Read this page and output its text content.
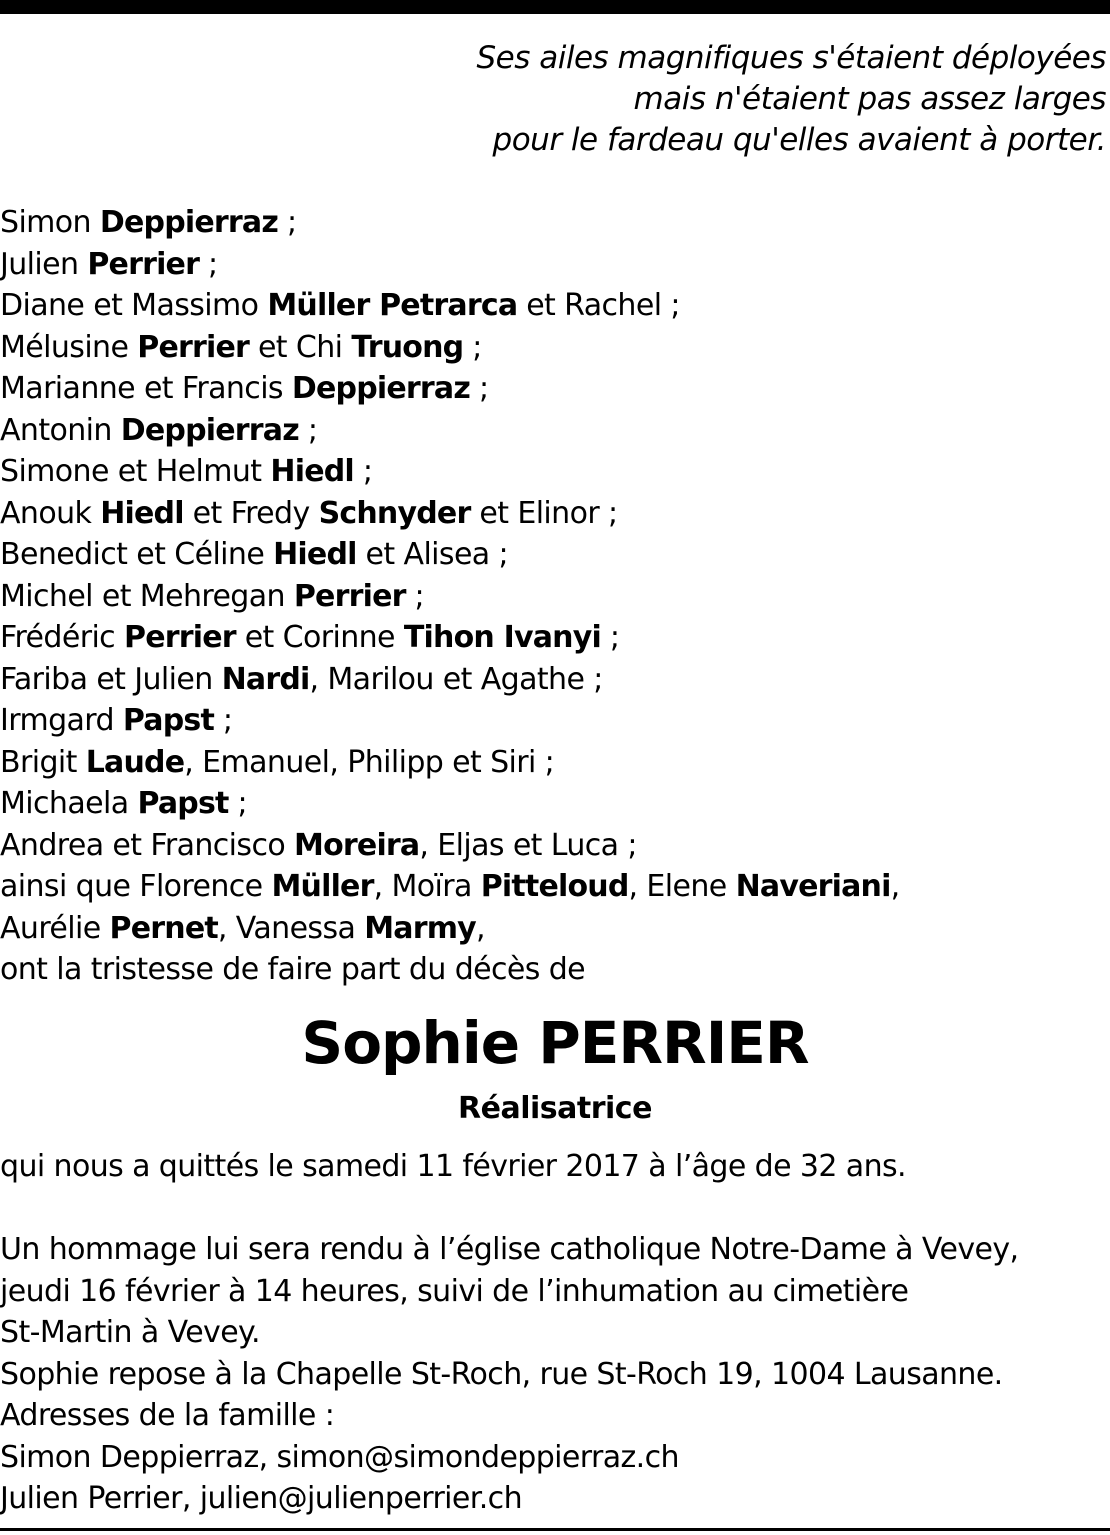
Ses ailes magnifiques s'étaient déployées
mais n'étaient pas assez larges
pour le fardeau qu'elles avaient à porter.
Simon Deppierraz ;
Julien Perrier ;
Diane et Massimo Müller Petrarca et Rachel ;
Mélusine Perrier et Chi Truong ;
Marianne et Francis Deppierraz ;
Antonin Deppierraz ;
Simone et Helmut Hiedl ;
Anouk Hiedl et Fredy Schnyder et Elinor ;
Benedict et Céline Hiedl et Alisea ;
Michel et Mehregan Perrier ;
Frédéric Perrier et Corinne Tihon Ivanyi ;
Fariba et Julien Nardi, Marilou et Agathe ;
Irmgard Papst ;
Brigit Laude, Emanuel, Philipp et Siri ;
Michaela Papst ;
Andrea et Francisco Moreira, Eljas et Luca ;
ainsi que Florence Müller, Moïra Pitteloud, Elene Naveriani,
Aurélie Pernet, Vanessa Marmy,
ont la tristesse de faire part du décès de
Sophie PERRIER
Réalisatrice
qui nous a quittés le samedi 11 février 2017 à l’âge de 32 ans.
Un hommage lui sera rendu à l’église catholique Notre-Dame à Vevey,
jeudi 16 février à 14 heures, suivi de l’inhumation au cimetière
St-Martin à Vevey.
Sophie repose à la Chapelle St-Roch, rue St-Roch 19, 1004 Lausanne.
Adresses de la famille :
Simon Deppierraz, simon@simondeppierraz.ch
Julien Perrier, julien@julienperrier.ch
